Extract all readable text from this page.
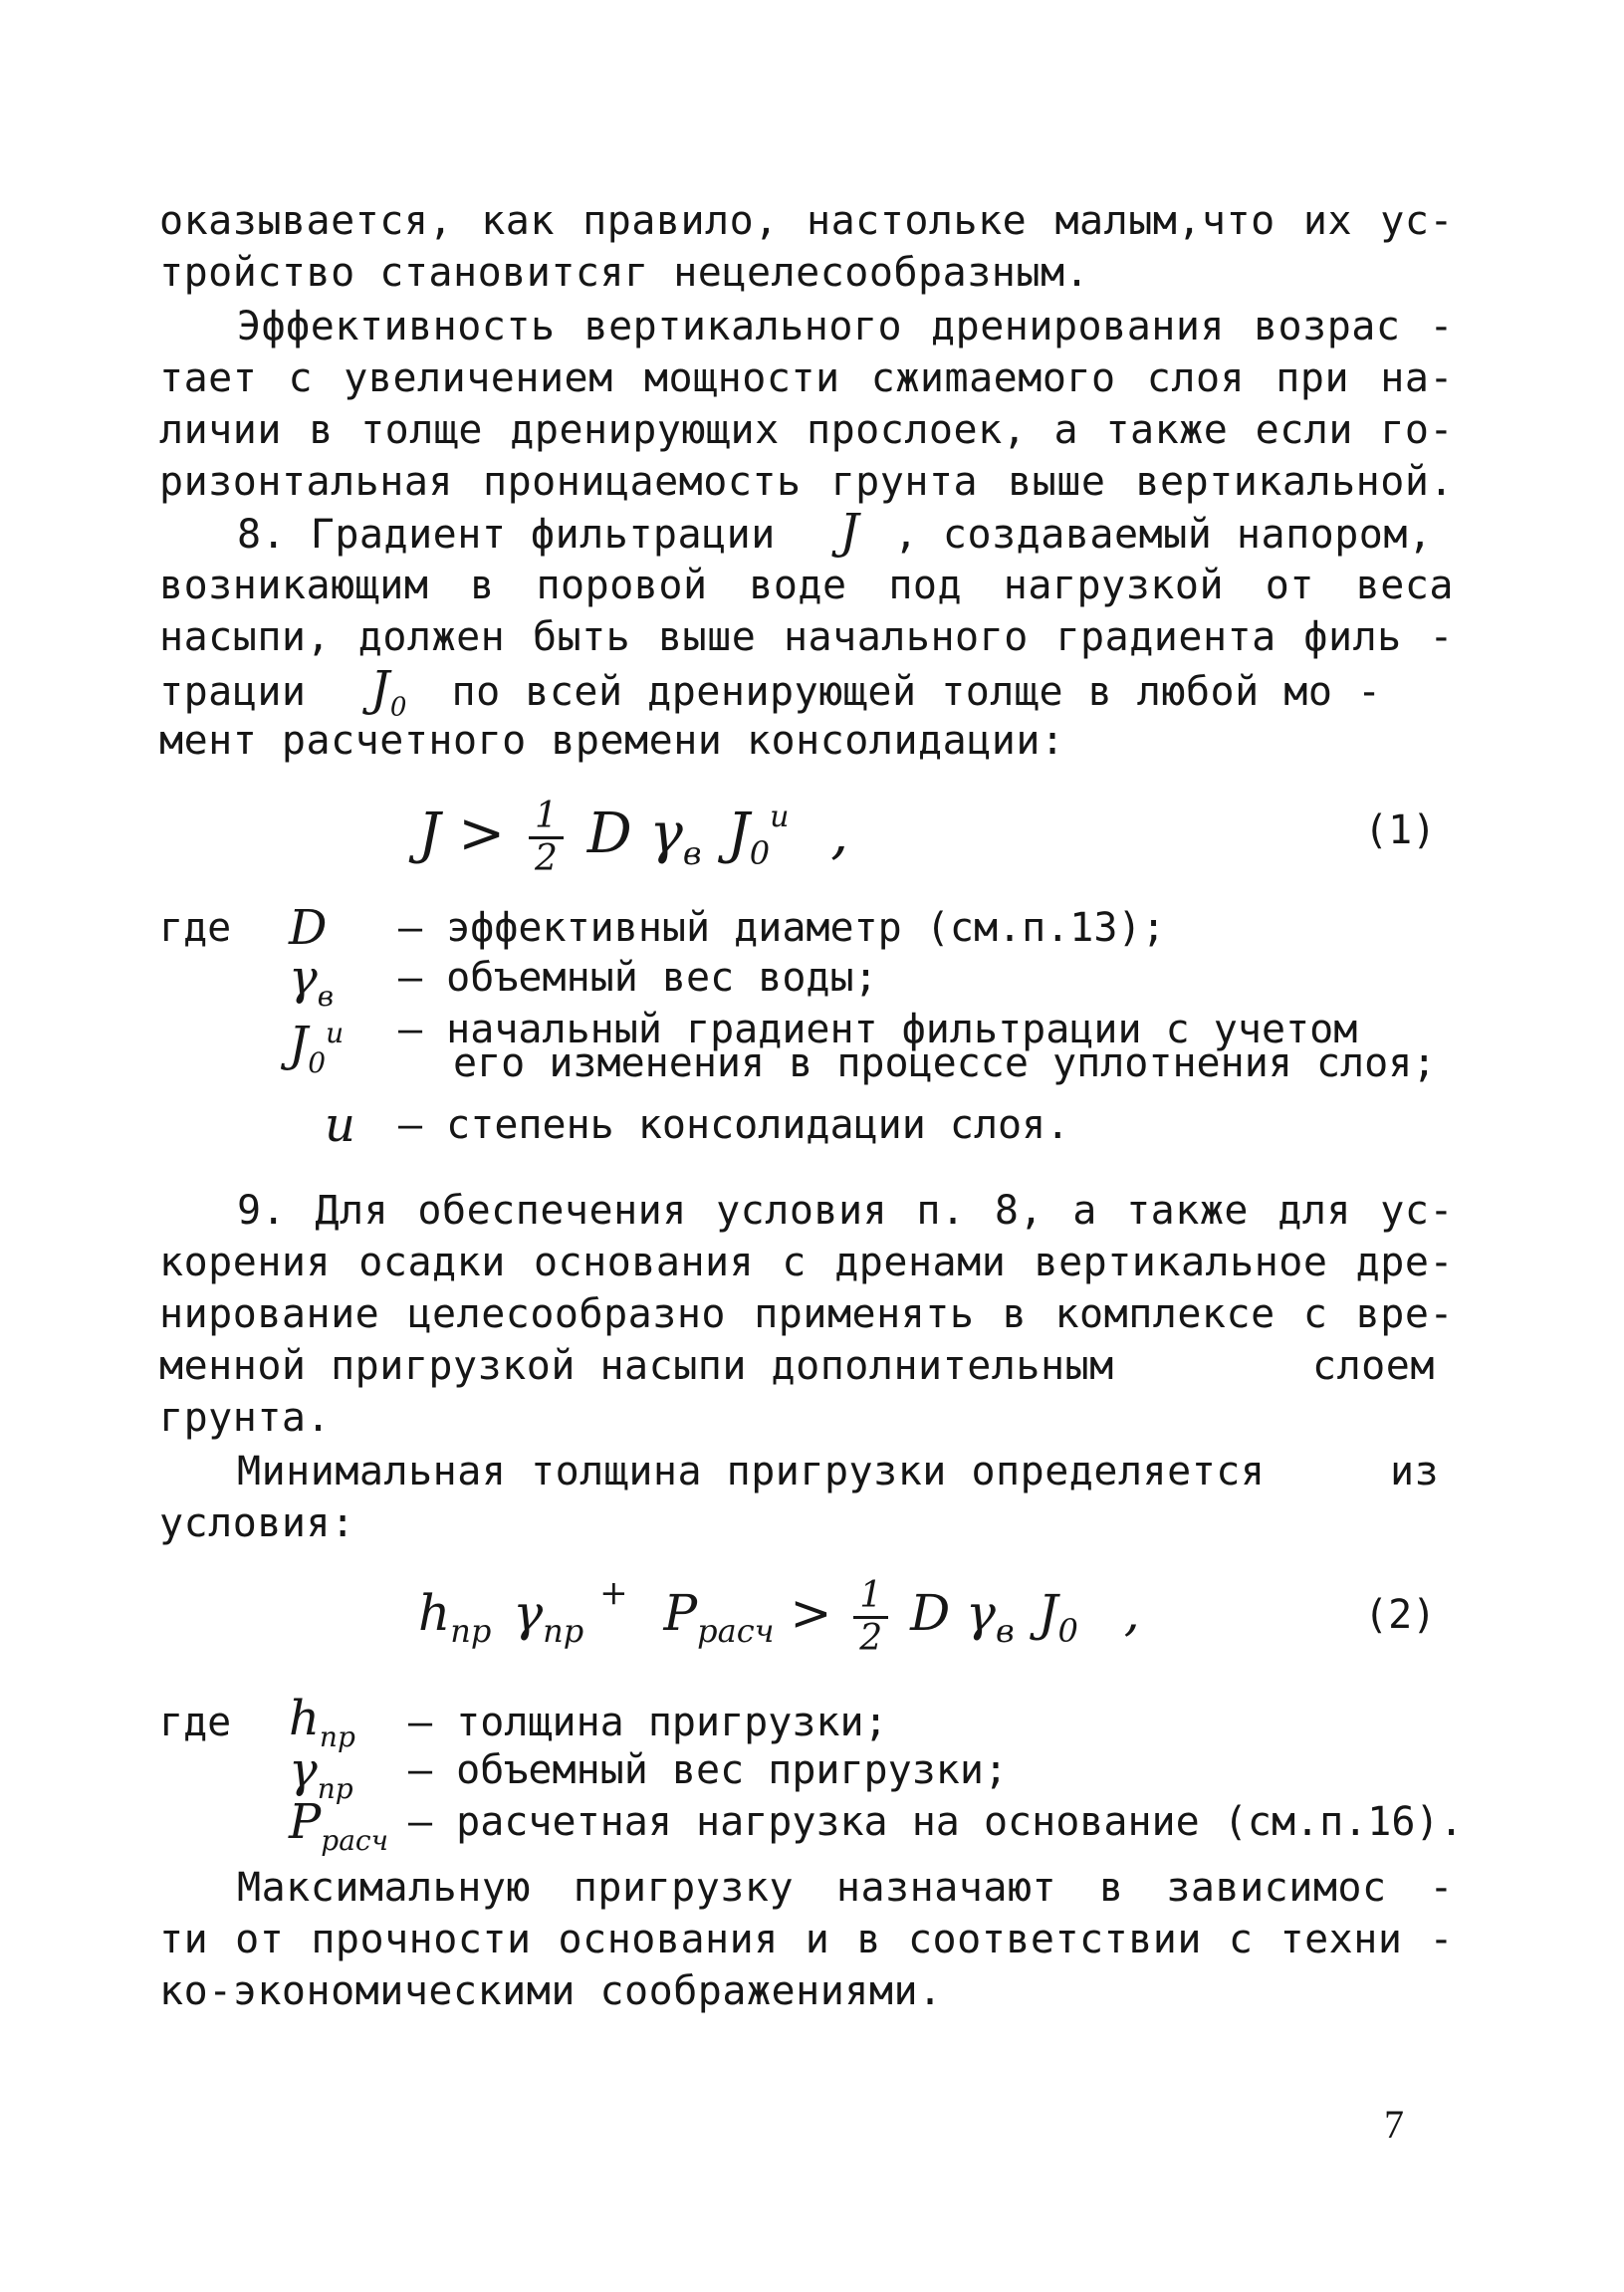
оказывается, как правило, настольке малым,что их ус-
тройство становитсяг нецелесообразным.
Эффективность вертикального дренирования возрас -
тает с увеличением мощности сжиmaeмого слоя при на-
личии в толще дренирующих прослоек, а также если го-
ризонтальная проницаемость грунта выше вертикальной.
8. Градиент фильтрации J , создаваемый напором,
возникающим в поровой воде под нагрузкой от веса
насыпи, должен быть выше начального градиента филь -
трации $J_0$ по всей дренирующей толще в любой мо -
мент расчетного времени консолидации:
$J > \frac{1}{2}$ D $\gamma_в$ $J_0^u$ ,	(1)
где D – эффективный диаметр (см.п.13);
$\gamma_в$ – объемный вес воды;
$J_0^u$ – начальный градиент фильтрации с учетом
его изменения в процессе уплотнения слоя;
u – степень консолидации слоя.
9. Для обеспечения условия п. 8, а также для ус-
корения осадки основания с дренами вертикальное дре-
нирование целесообразно применять в комплексе с вре-
менной пригрузкой насыпи дополнительным	слоем
грунта.
Минимальная толщина пригрузки определяется	из
условия:
$h_{пр}$ $\gamma_{пр}$ + $P_{расч} > \frac{1}{2}$ D $\gamma_в$ $J_0$ ,	(2)
где $h_{пр}$ – толщина пригрузки;
$\gamma_{пр}$ – объемный вес пригрузки;
$P_{расч}$ – расчетная нагрузка на основание (см.п.16).
Максимальную пригрузку назначают в зависимос -
ти от прочности основания и в соответствии с техни -
ко-экономическими соображениями.
7
